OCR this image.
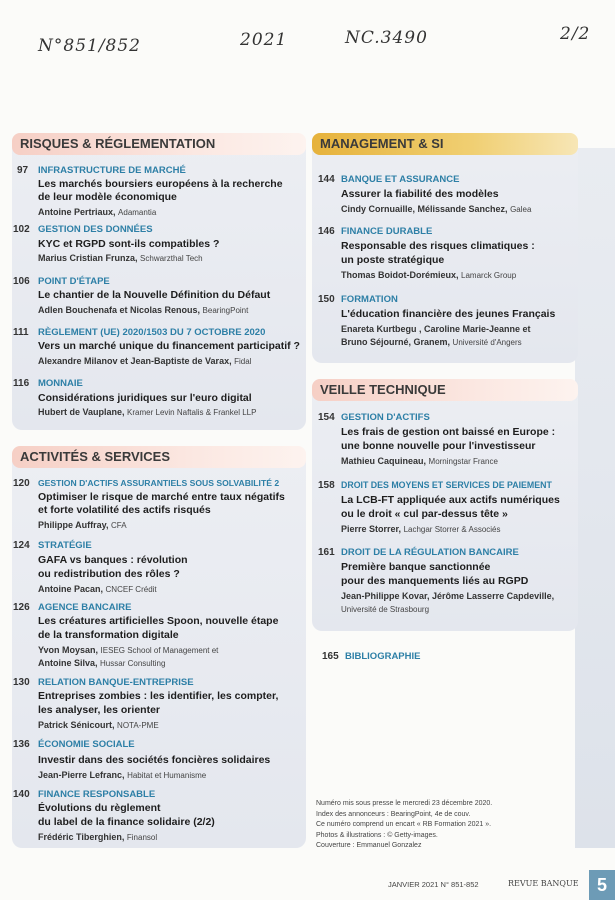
N°851/852	2021	NC.3490	2/2
RISQUES & RÉGLEMENTATION
97 INFRASTRUCTURE DE MARCHÉ
Les marchés boursiers européens à la recherche
de leur modèle économique
Antoine Pertriaux, Adamantia
102 GESTION DES DONNÉES
KYC et RGPD sont-ils compatibles ?
Marius Cristian Frunza, Schwarzthal Tech
106 POINT D'ÉTAPE
Le chantier de la Nouvelle Définition du Défaut
Adlen Bouchenafa et Nicolas Renous, BearingPoint
111 RÈGLEMENT (UE) 2020/1503 DU 7 OCTOBRE 2020
Vers un marché unique du financement participatif ?
Alexandre Milanov et Jean-Baptiste de Varax, Fidal
116 MONNAIE
Considérations juridiques sur l'euro digital
Hubert de Vauplane, Kramer Levin Naftalis & Frankel LLP
ACTIVITÉS & SERVICES
120 GESTION D'ACTIFS ASSURANTIELS SOUS SOLVABILITÉ 2
Optimiser le risque de marché entre taux négatifs
et forte volatilité des actifs risqués
Philippe Auffray, CFA
124 STRATÉGIE
GAFA vs banques : révolution
ou redistribution des rôles ?
Antoine Pacan, CNCEF Crédit
126 AGENCE BANCAIRE
Les créatures artificielles Spoon, nouvelle étape
de la transformation digitale
Yvon Moysan, IESEG School of Management et
Antoine Silva, Hussar Consulting
130 RELATION BANQUE-ENTREPRISE
Entreprises zombies : les identifier, les compter,
les analyser, les orienter
Patrick Sénicourt, NOTA-PME
136 ÉCONOMIE SOCIALE
Investir dans des sociétés foncières solidaires
Jean-Pierre Lefranc, Habitat et Humanisme
140 FINANCE RESPONSABLE
Évolutions du règlement
du label de la finance solidaire (2/2)
Frédéric Tiberghien, Finansol
MANAGEMENT & SI
144 BANQUE ET ASSURANCE
Assurer la fiabilité des modèles
Cindy Cornuaille, Mélissande Sanchez, Galea
146 FINANCE DURABLE
Responsable des risques climatiques :
un poste stratégique
Thomas Boidot-Dorémieux, Lamarck Group
150 FORMATION
L'éducation financière des jeunes Français
Enareta Kurtbegu , Caroline Marie-Jeanne et
Bruno Séjourné, Granem, Université d'Angers
VEILLE TECHNIQUE
154 GESTION D'ACTIFS
Les frais de gestion ont baissé en Europe :
une bonne nouvelle pour l'investisseur
Mathieu Caquineau, Morningstar France
158 DROIT DES MOYENS ET SERVICES DE PAIEMENT
La LCB-FT appliquée aux actifs numériques
ou le droit « cul par-dessus tête »
Pierre Storrer, Lachgar Storrer & Associés
161 DROIT DE LA RÉGULATION BANCAIRE
Première banque sanctionnée
pour des manquements liés au RGPD
Jean-Philippe Kovar, Jérôme Lasserre Capdeville,
Université de Strasbourg
165 BIBLIOGRAPHIE
Numéro mis sous presse le mercredi 23 décembre 2020.
Index des annonceurs : BearingPoint, 4e de couv.
Ce numéro comprend un encart « RB Formation 2021 ».
Photos & illustrations : © Getty-images.
Couverture : Emmanuel Gonzalez
JANVIER 2021 N° 851-852	REVUE BANQUE	5
